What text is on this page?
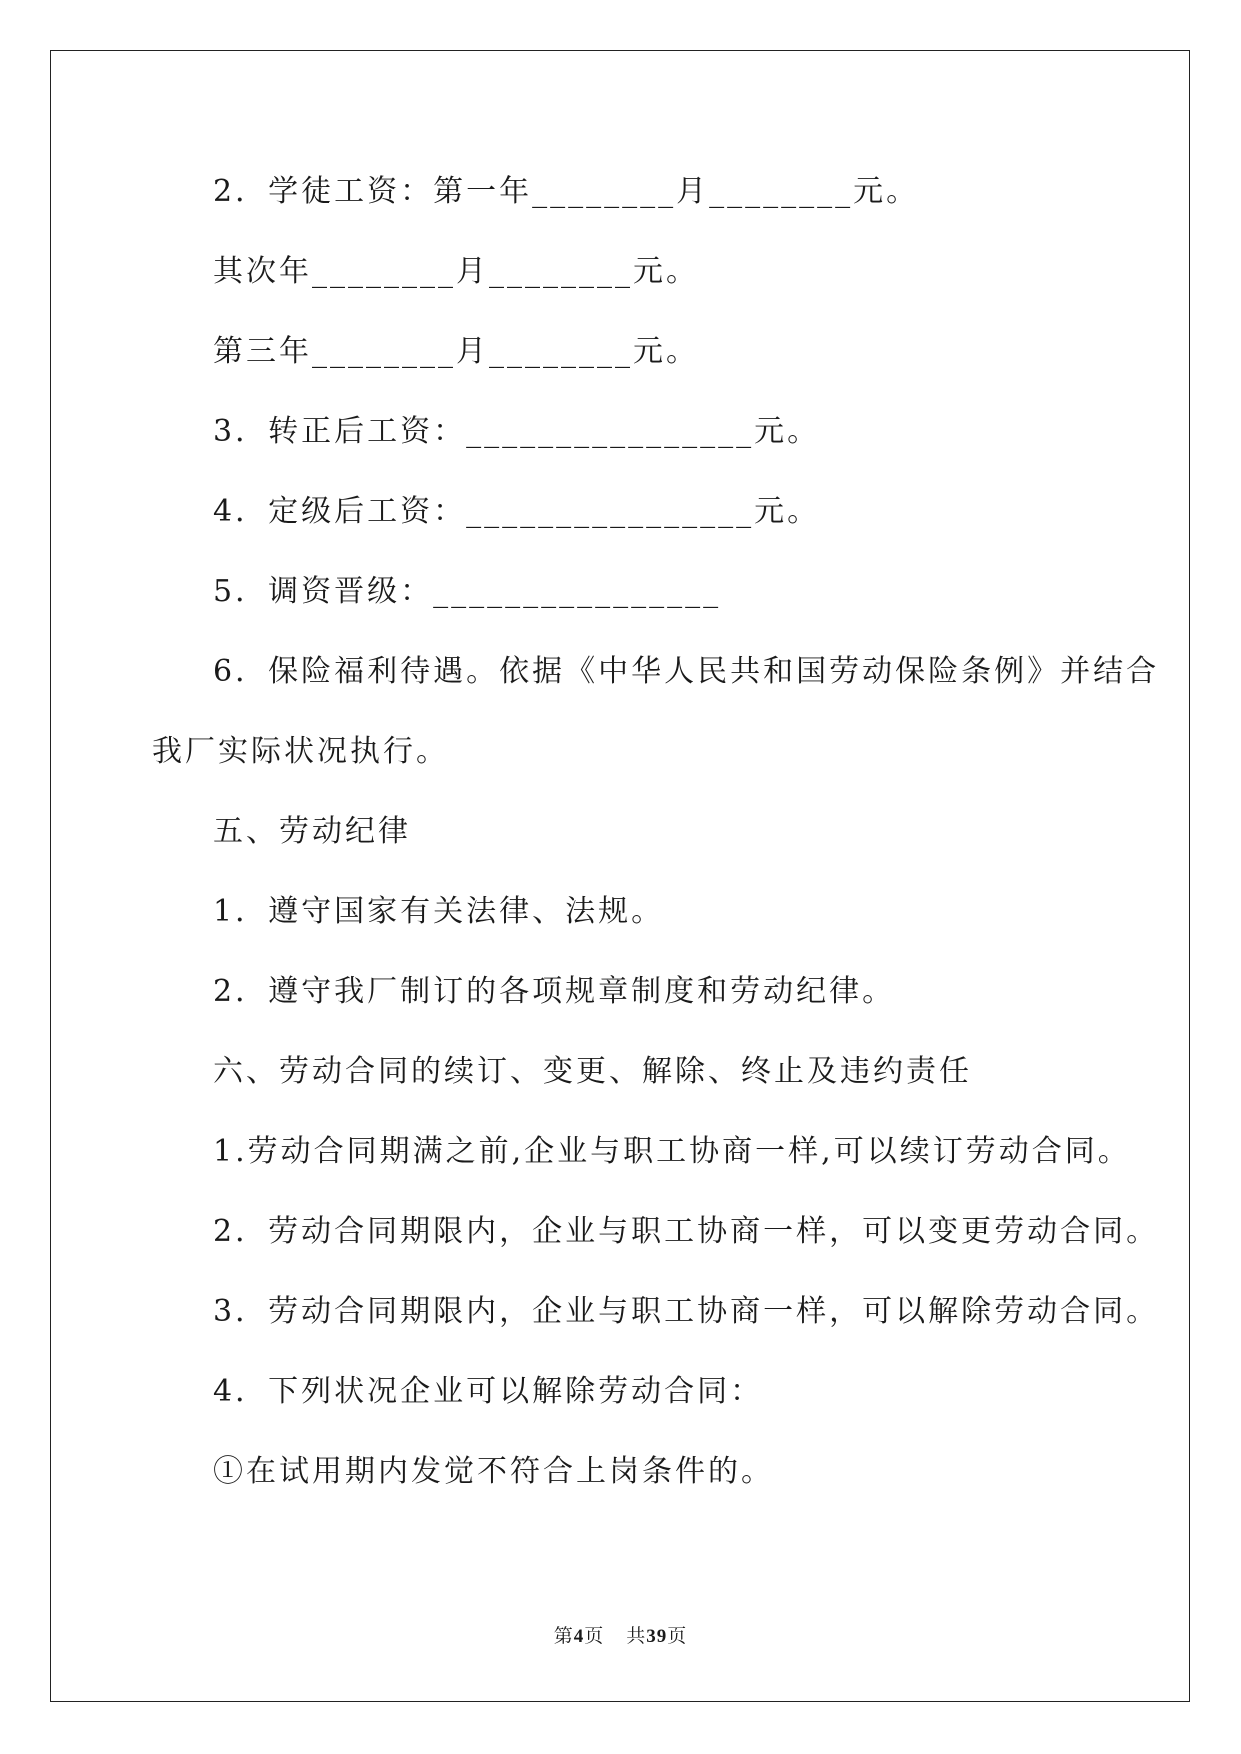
2．学徒工资：第一年________月________元。
其次年________月________元。
第三年________月________元。
3．转正后工资：________________元。
4．定级后工资：________________元。
5．调资晋级：________________
6．保险福利待遇。依据《中华人民共和国劳动保险条例》并结合
我厂实际状况执行。
五、劳动纪律
1．遵守国家有关法律、法规。
2．遵守我厂制订的各项规章制度和劳动纪律。
六、劳动合同的续订、变更、解除、终止及违约责任
1.劳动合同期满之前,企业与职工协商一样,可以续订劳动合同。
2．劳动合同期限内，企业与职工协商一样，可以变更劳动合同。
3．劳动合同期限内，企业与职工协商一样，可以解除劳动合同。
4．下列状况企业可以解除劳动合同：
①在试用期内发觉不符合上岗条件的。
第4页 共39页
